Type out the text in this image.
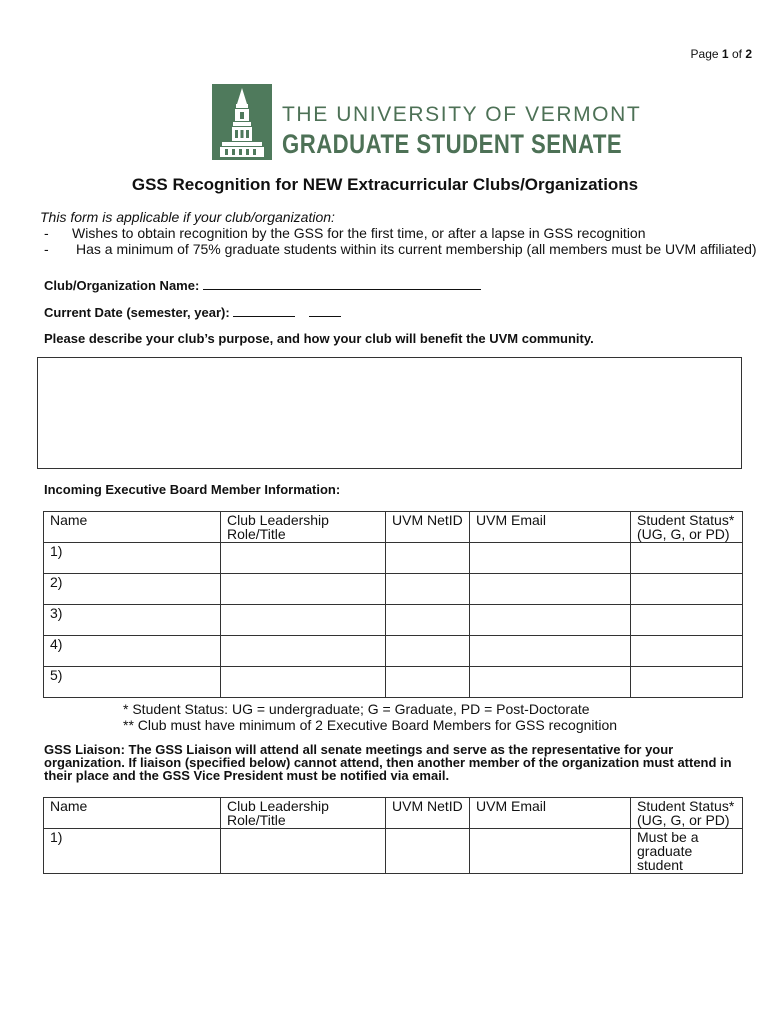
Page 1 of 2
THE UNIVERSITY OF VERMONT
GRADUATE STUDENT SENATE
GSS Recognition for NEW Extracurricular Clubs/Organizations
This form is applicable if your club/organization:
- Wishes to obtain recognition by the GSS for the first time, or after a lapse in GSS recognition
- Has a minimum of 75% graduate students within its current membership (all members must be UVM affiliated)
Club/Organization Name:
Current Date (semester, year):
Please describe your club’s purpose, and how your club will benefit the UVM community.
Incoming Executive Board Member Information:
Name	Club Leadership Role/Title	UVM NetID	UVM Email	Student Status* (UG, G, or PD)
1)				
2)				
3)				
4)				
5)				
* Student Status: UG = undergraduate; G = Graduate, PD = Post-Doctorate
** Club must have minimum of 2 Executive Board Members for GSS recognition
GSS Liaison: The GSS Liaison will attend all senate meetings and serve as the representative for your organization. If liaison (specified below) cannot attend, then another member of the organization must attend in their place and the GSS Vice President must be notified via email.
Name	Club Leadership Role/Title	UVM NetID	UVM Email	Student Status* (UG, G, or PD)
1)				Must be a graduate student
